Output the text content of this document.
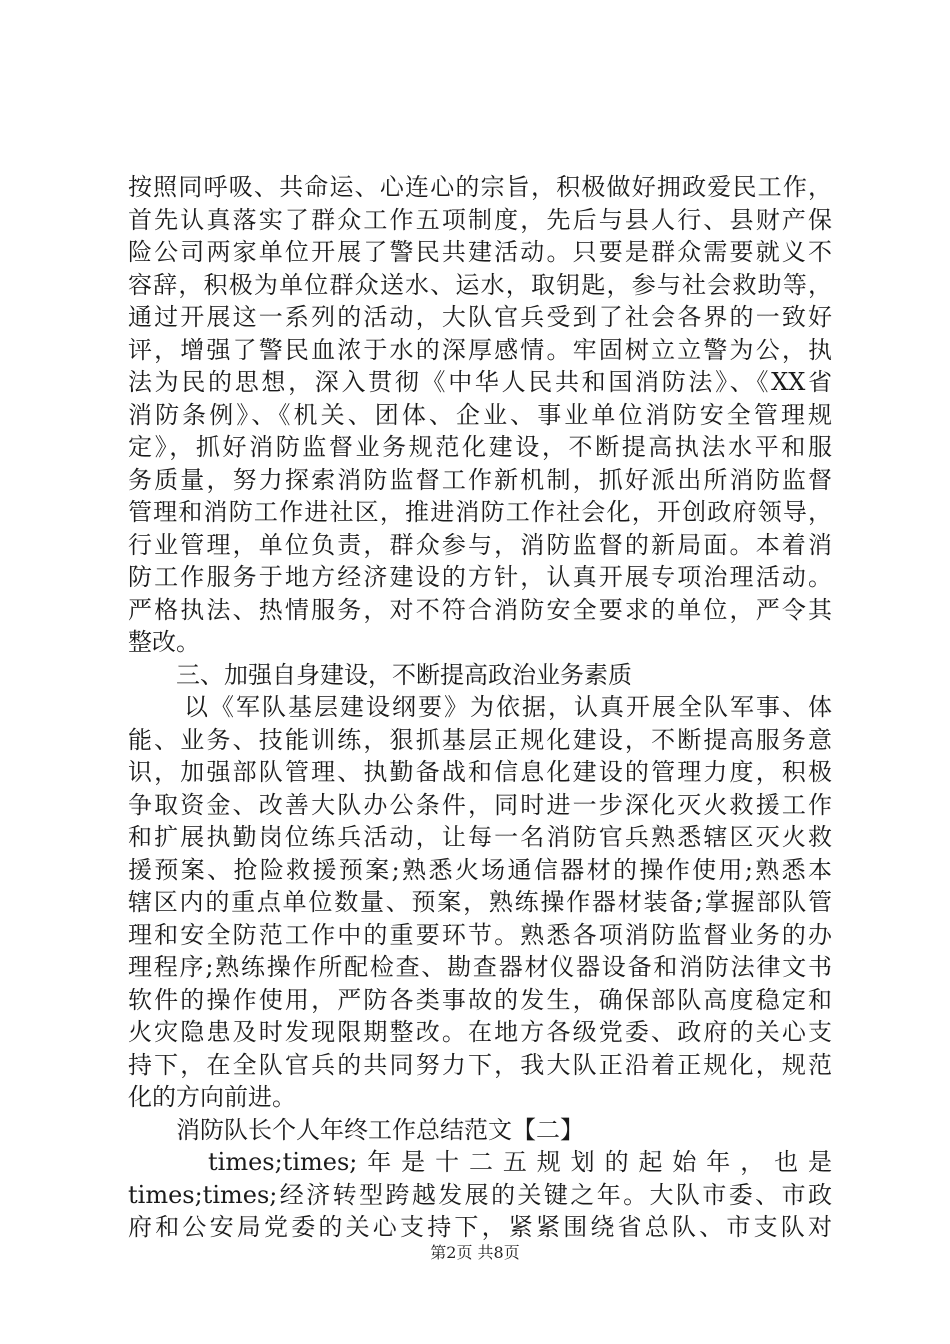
按照同呼吸、共命运、心连心的宗旨，积极做好拥政爱民工作，
首先认真落实了群众工作五项制度，先后与县人行、县财产保
险公司两家单位开展了警民共建活动。只要是群众需要就义不
容辞，积极为单位群众送水、运水，取钥匙，参与社会救助等，
通过开展这一系列的活动，大队官兵受到了社会各界的一致好
评，增强了警民血浓于水的深厚感情。牢固树立立警为公，执
法为民的思想，深入贯彻《中华人民共和国消防法》、《XX省
消防条例》、《机关、团体、企业、事业单位消防安全管理规
定》，抓好消防监督业务规范化建设，不断提高执法水平和服
务质量，努力探索消防监督工作新机制，抓好派出所消防监督
管理和消防工作进社区，推进消防工作社会化，开创政府领导，
行业管理，单位负责，群众参与，消防监督的新局面。本着消
防工作服务于地方经济建设的方针，认真开展专项治理活动。
严格执法、热情服务，对不符合消防安全要求的单位，严令其
整改。
三、加强自身建设，不断提高政治业务素质
以《军队基层建设纲要》为依据，认真开展全队军事、体
能、业务、技能训练，狠抓基层正规化建设，不断提高服务意
识，加强部队管理、执勤备战和信息化建设的管理力度，积极
争取资金、改善大队办公条件，同时进一步深化灭火救援工作
和扩展执勤岗位练兵活动，让每一名消防官兵熟悉辖区灭火救
援预案、抢险救援预案;熟悉火场通信器材的操作使用;熟悉本
辖区内的重点单位数量、预案，熟练操作器材装备;掌握部队管
理和安全防范工作中的重要环节。熟悉各项消防监督业务的办
理程序;熟练操作所配检查、勘查器材仪器设备和消防法律文书
软件的操作使用，严防各类事故的发生，确保部队高度稳定和
火灾隐患及时发现限期整改。在地方各级党委、政府的关心支
持下，在全队官兵的共同努力下，我大队正沿着正规化，规范
化的方向前进。
消防队长个人年终工作总结范文【二】
times;times;年是十二五规划的起始年，也是
times;times;经济转型跨越发展的关键之年。大队市委、市政
府和公安局党委的关心支持下，紧紧围绕省总队、市支队对
第2页 共8页
